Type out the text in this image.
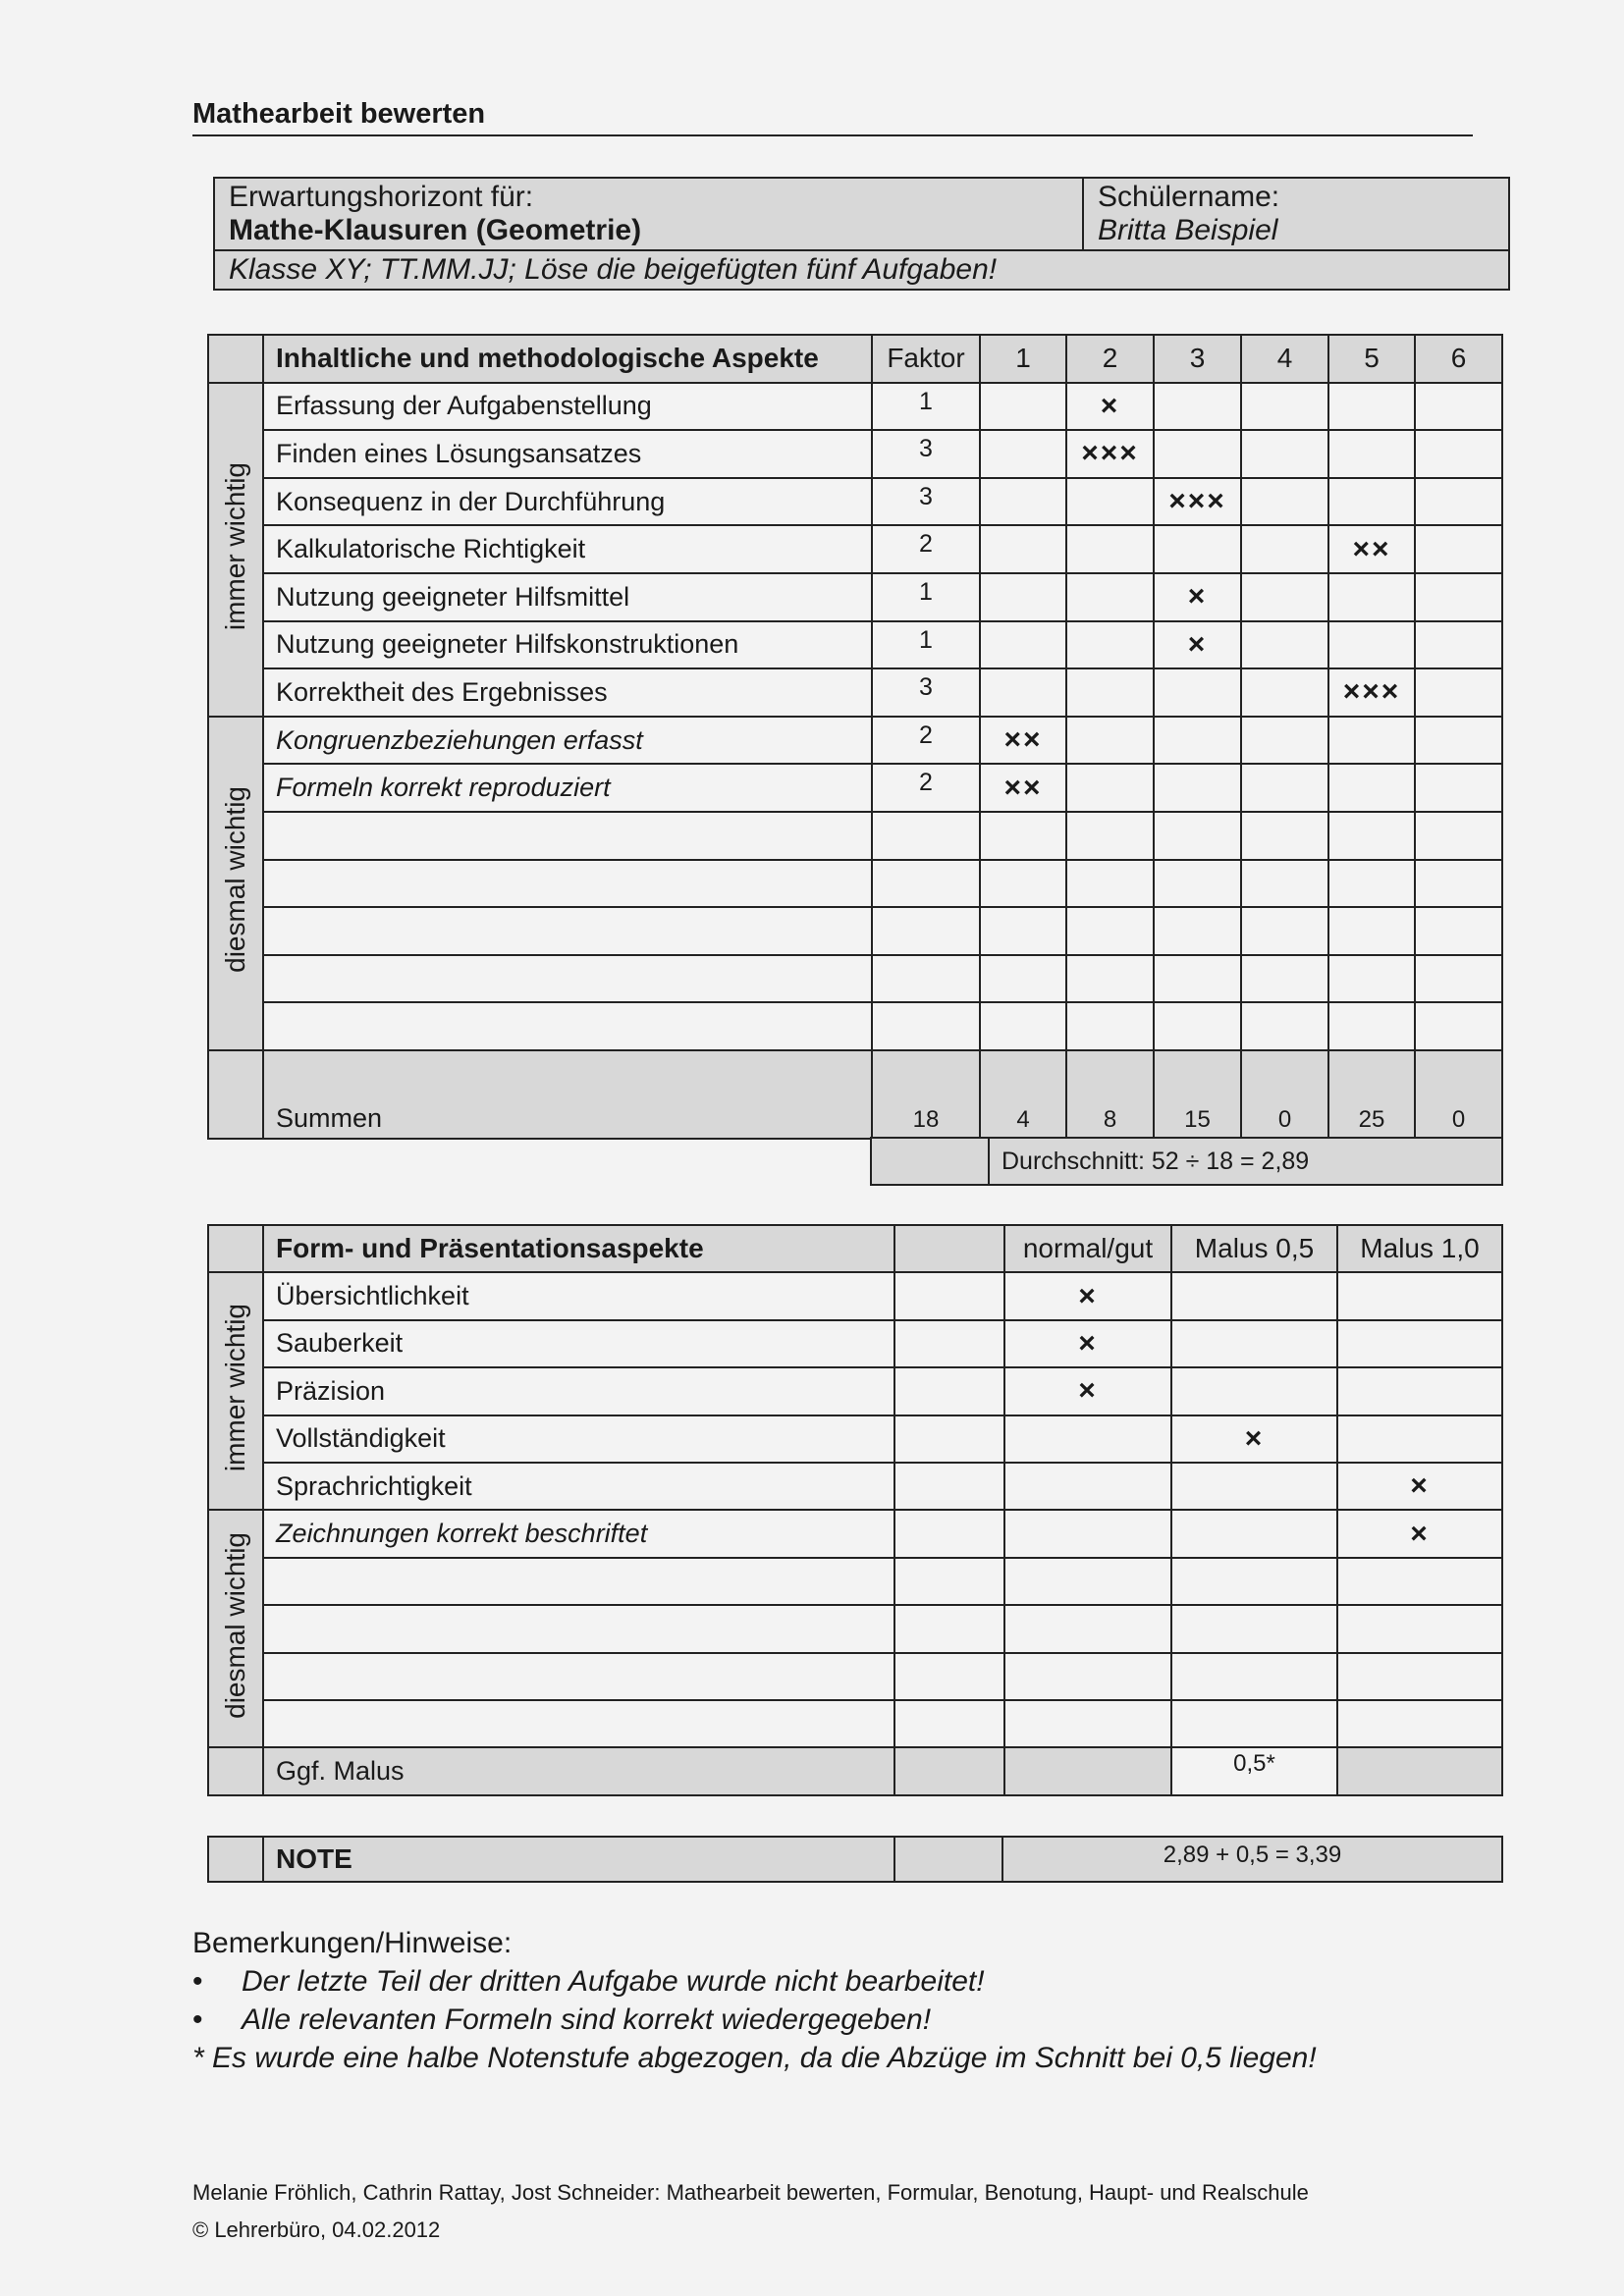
Mathearbeit bewerten
Erwartungshorizont für:
Mathe-Klausuren (Geometrie)

Schülername:
Britta Beispiel

Klasse XY; TT.MM.JJ; Löse die beigefügten fünf Aufgaben!
	Inhaltliche und methodologische Aspekte	Faktor	1	2	3	4	5	6
immer wichtig	Erfassung der Aufgabenstellung	1		×				
	Finden eines Lösungsansatzes	3		×××				
	Konsequenz in der Durchführung	3			×××			
	Kalkulatorische Richtigkeit	2					××	
	Nutzung geeigneter Hilfsmittel	1			×			
	Nutzung geeigneter Hilfskonstruktionen	1			×			
	Korrektheit des Ergebnisses	3					×××	
diesmal wichtig	Kongruenzbeziehungen erfasst	2	××					
	Formeln korrekt reproduziert	2	××					

	Summen	18	4	8	15	0	25	0
	Durchschnitt: 52 ÷ 18 = 2,89
	Form- und Präsentationsaspekte		normal/gut	Malus 0,5	Malus 1,0
immer wichtig	Übersichtlichkeit		×		
	Sauberkeit		×		
	Präzision		×		
	Vollständigkeit			×	
	Sprachrichtigkeit				×
diesmal wichtig	Zeichnungen korrekt beschriftet				×

	Ggf. Malus			0,5*	
	NOTE		2,89 + 0,5 = 3,39
Bemerkungen/Hinweise:
• Der letzte Teil der dritten Aufgabe wurde nicht bearbeitet!
• Alle relevanten Formeln sind korrekt wiedergegeben!
* Es wurde eine halbe Notenstufe abgezogen, da die Abzüge im Schnitt bei 0,5 liegen!
Melanie Fröhlich, Cathrin Rattay, Jost Schneider: Mathearbeit bewerten, Formular, Benotung, Haupt- und Realschule
© Lehrerbüro, 04.02.2012
